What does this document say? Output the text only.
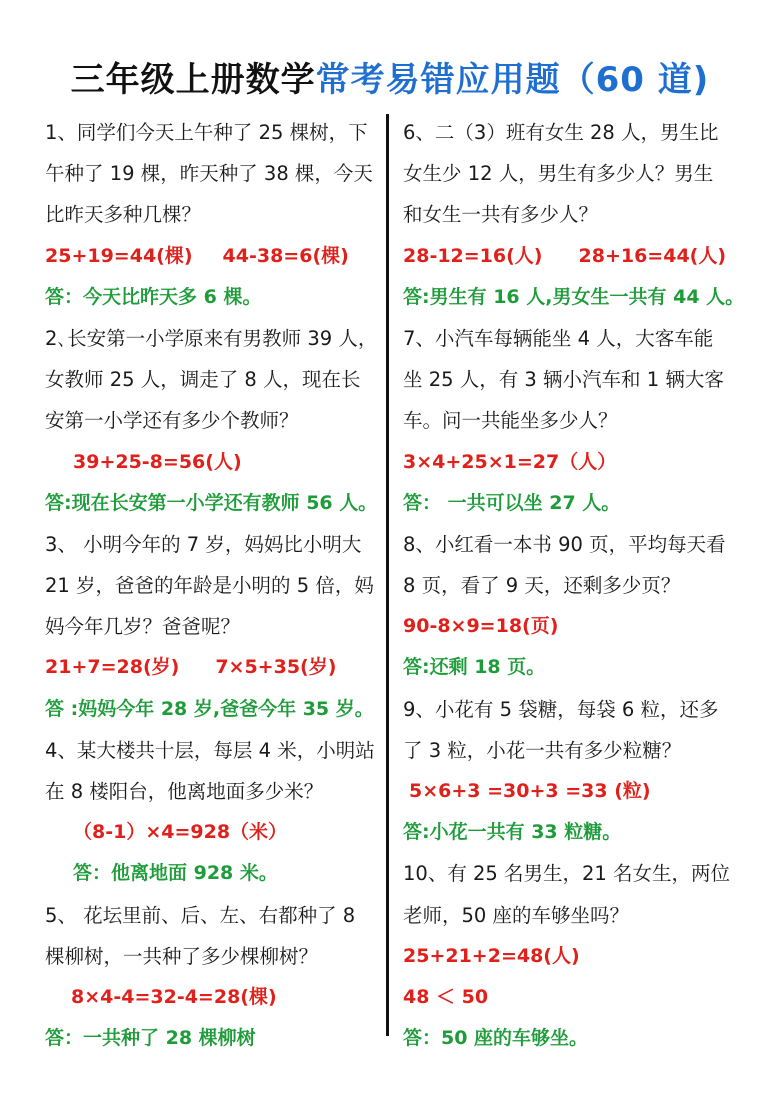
三年级上册数学常考易错应用题（60 道)
1、同学们今天上午种了 25 棵树，下
午种了 19 棵，昨天种了 38 棵，今天
比昨天多种几棵？
25+19=44(棵) 44-38=6(棵)
答：今天比昨天多 6 棵。
2､长安第一小学原来有男教师 39 人，
女教师 25 人，调走了 8 人，现在长
安第一小学还有多少个教师？
39+25-8=56(人)
答:现在长安第一小学还有教师 56 人。
3、 小明今年的 7 岁，妈妈比小明大
21 岁，爸爸的年龄是小明的 5 倍，妈
妈今年几岁？爸爸呢？
21+7=28(岁) 7×5+35(岁)
答 :妈妈今年 28 岁,爸爸今年 35 岁。
4、某大楼共十层，每层 4 米，小明站
在 8 楼阳台，他离地面多少米？
（8-1）×4=928（米）
答：他离地面 928 米。
5、 花坛里前、后、左、右都种了 8
棵柳树，一共种了多少棵柳树？
8×4-4=32-4=28(棵)
答：一共种了 28 棵柳树
6、二（3）班有女生 28 人，男生比
女生少 12 人，男生有多少人？男生
和女生一共有多少人？
28-12=16(人) 28+16=44(人)
答:男生有 16 人,男女生一共有 44 人。
7、小汽车每辆能坐 4 人，大客车能
坐 25 人，有 3 辆小汽车和 1 辆大客
车。问一共能坐多少人？
3×4+25×1=27（人）
答： 一共可以坐 27 人。
8、小红看一本书 90 页，平均每天看
8 页，看了 9 天，还剩多少页？
90-8×9=18(页)
答:还剩 18 页。
9、小花有 5 袋糖，每袋 6 粒，还多
了 3 粒，小花一共有多少粒糖？
5×6+3 =30+3 =33 (粒)
答:小花一共有 33 粒糖。
10、有 25 名男生，21 名女生，两位
老师，50 座的车够坐吗？
25+21+2=48(人)
48 ＜ 50
答：50 座的车够坐。
